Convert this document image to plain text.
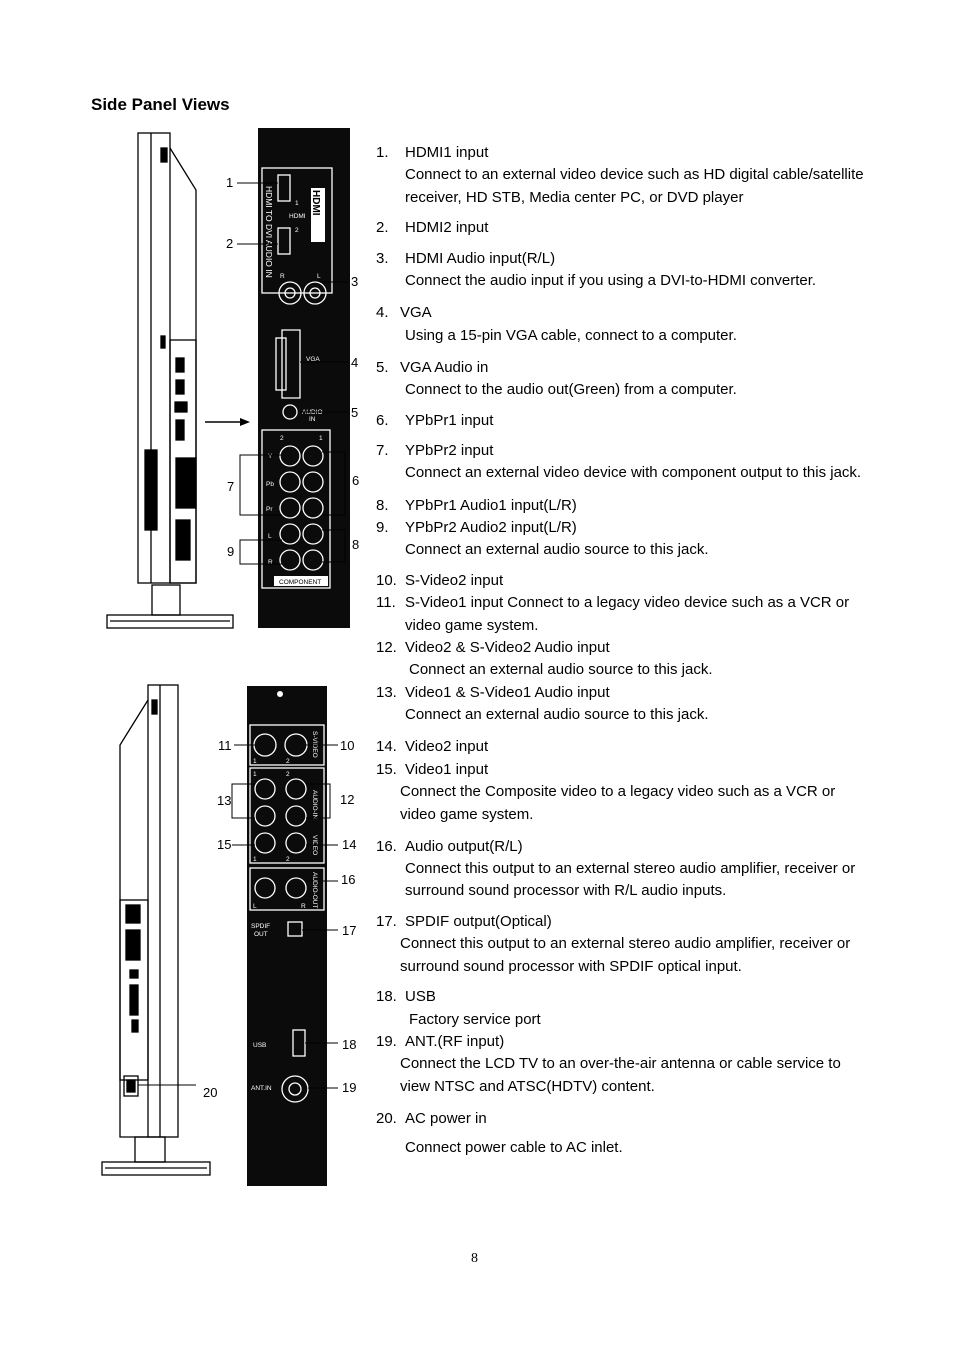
Side Panel Views
HDMI TO DVI AUDIO IN	HDMI
1
HDMI
2
R	L
VGA
AUDIO
IN
2	1
Y
Pb
Pr
L
R
COMPONENT
1
2
3
4
5
6
7
8
9
S-VIDEO
AUDIO-IN
VIDEO
AUDIO-OUT
1	2
1	2
1	2
L	R
SPDIF
OUT
USB
ANT.IN
11	10
13	12
15	14
16
17
18
19
20
1. HDMI1 input
Connect to an external video device such as HD digital cable/satellite
receiver, HD STB, Media center PC, or DVD player
2. HDMI2 input
3. HDMI Audio input(R/L)
Connect the audio input if you using a DVI-to-HDMI converter.
4. VGA
Using a 15-pin VGA cable, connect to a computer.
5. VGA Audio in
Connect to the audio out(Green) from a computer.
6. YPbPr1 input
7. YPbPr2 input
Connect an external video device with component output to this jack.
8. YPbPr1 Audio1 input(L/R)
9. YPbPr2 Audio2 input(L/R)
Connect an external audio source to this jack.
10. S-Video2 input
11. S-Video1 input Connect to a legacy video device such as a VCR or
video game system.
12. Video2 & S-Video2 Audio input
Connect an external audio source to this jack.
13. Video1 & S-Video1 Audio input
Connect an external audio source to this jack.
14. Video2 input
15. Video1 input
Connect the Composite video to a legacy video such as a VCR or
video game system.
16. Audio output(R/L)
Connect this output to an external stereo audio amplifier, receiver or
surround sound processor with R/L audio inputs.
17. SPDIF output(Optical)
Connect this output to an external stereo audio amplifier, receiver or
surround sound processor with SPDIF optical input.
18. USB
Factory service port
19. ANT.(RF input)
Connect the LCD TV to an over-the-air antenna or cable service to
view NTSC and ATSC(HDTV) content.
20. AC power in
Connect power cable to AC inlet.
8
